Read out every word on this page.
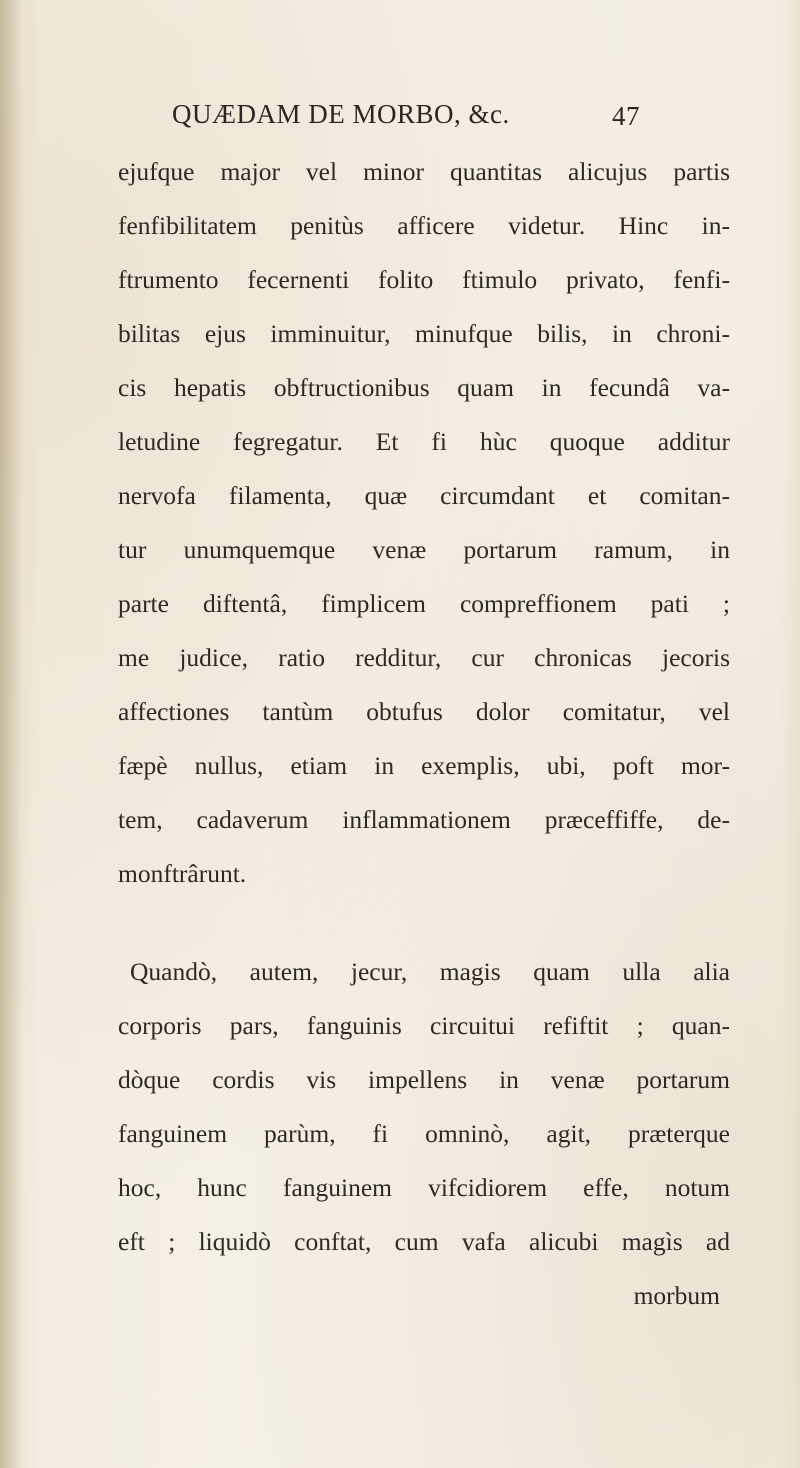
QUÆDAM DE MORBO, &c.	47
ejufque major vel minor quantitas alicujus partis
fenfibilitatem penitùs afficere videtur. Hinc in-
ftrumento fecernenti folito ftimulo privato, fenfi-
bilitas ejus imminuitur, minufque bilis, in chroni-
cis hepatis obftructionibus quam in fecundâ va-
letudine fegregatur. Et fi hùc quoque additur
nervofa filamenta, quæ circumdant et comitan-
tur unumquemque venæ portarum ramum, in
parte diftentâ, fimplicem compreffionem pati ;
me judice, ratio redditur, cur chronicas jecoris
affectiones tantùm obtufus dolor comitatur, vel
fæpè nullus, etiam in exemplis, ubi, poft mor-
tem, cadaverum inflammationem præceffiffe, de-
monftrârunt.
Quandò, autem, jecur, magis quam ulla alia
corporis pars, fanguinis circuitui refiftit ; quan-
dòque cordis vis impellens in venæ portarum
fanguinem parùm, fi omninò, agit, præterque
hoc, hunc fanguinem vifcidiorem effe, notum
eft ; liquidò conftat, cum vafa alicubi magìs ad
morbum
